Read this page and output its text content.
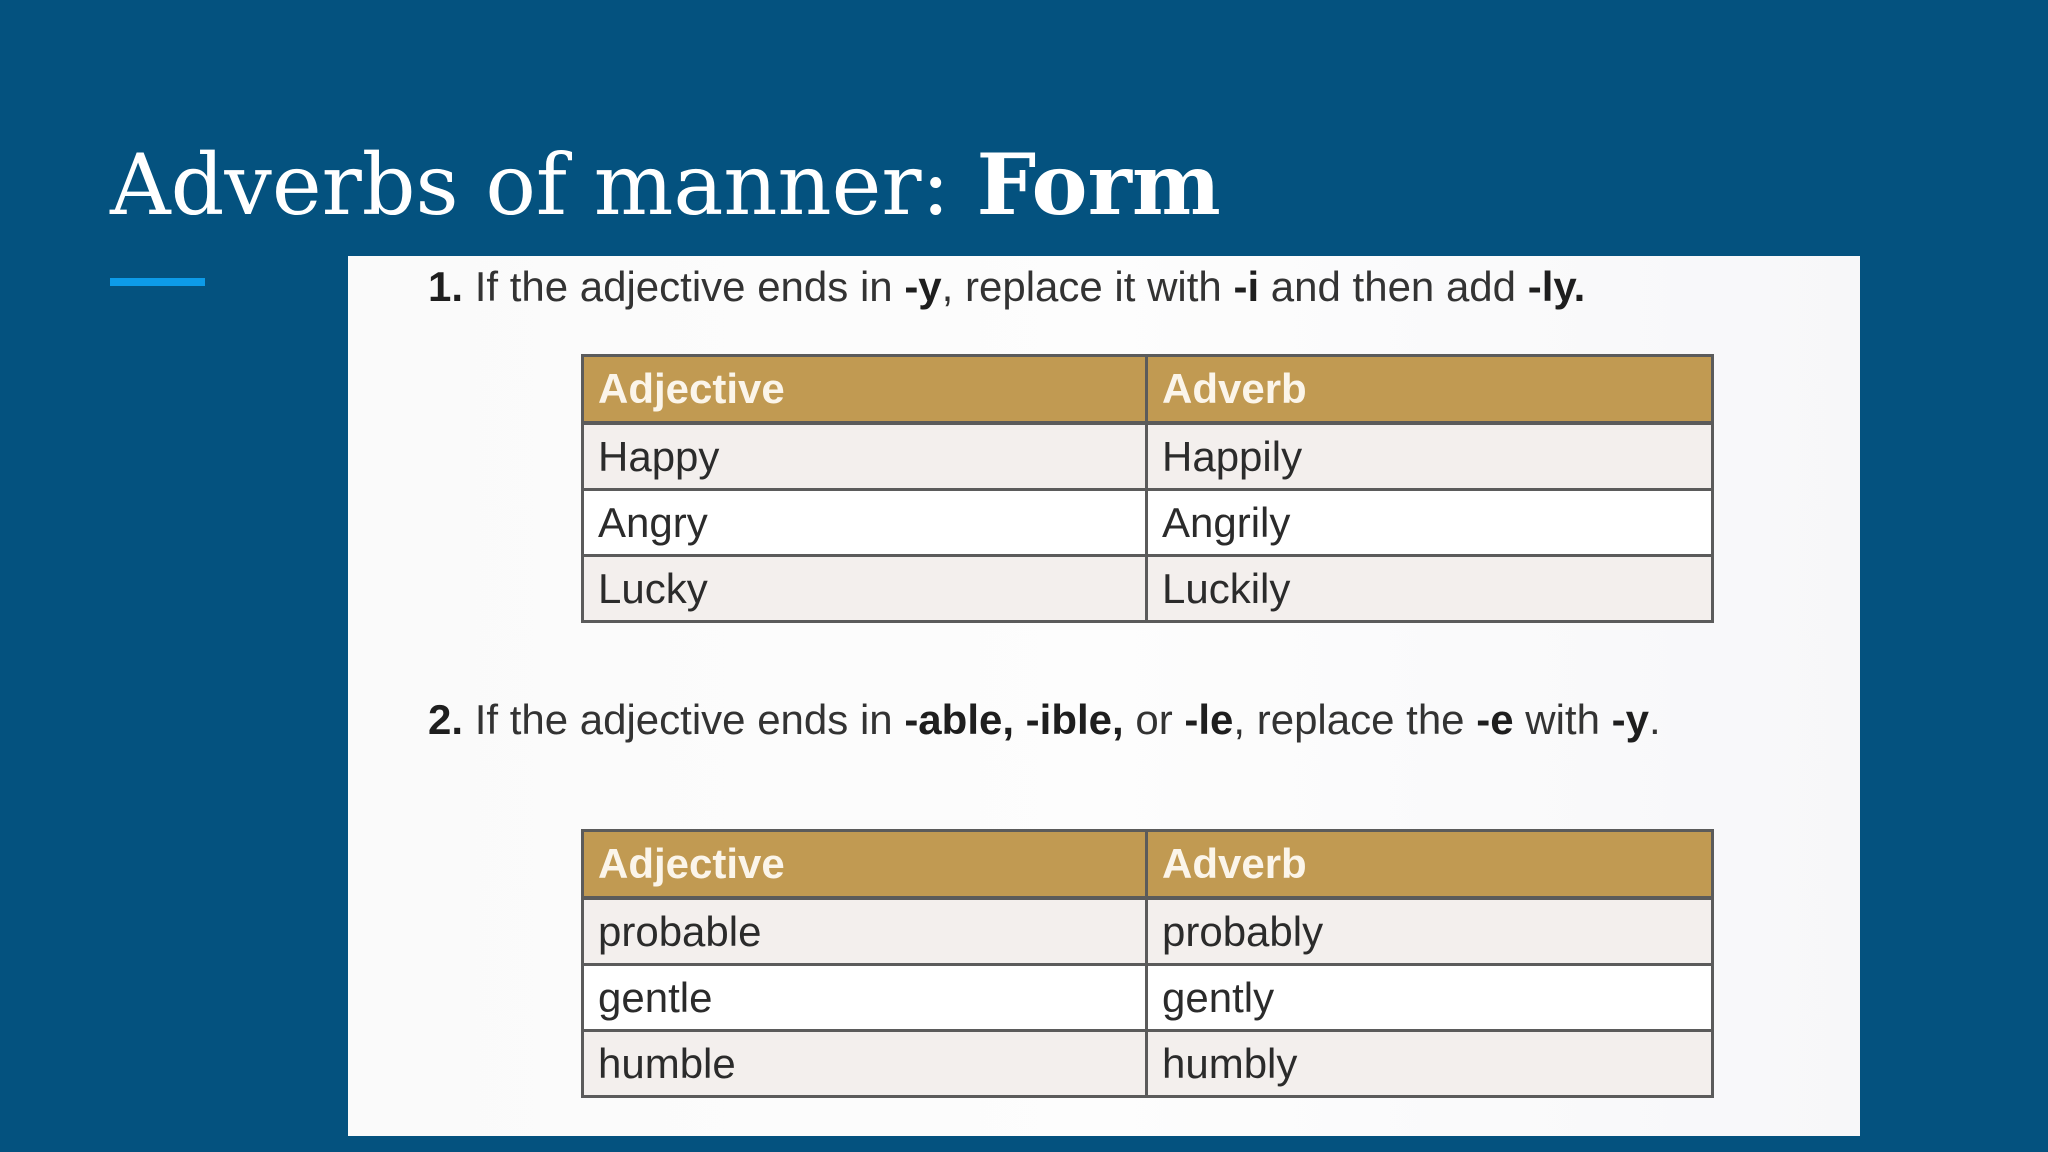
Adverbs of manner: Form

1. If the adjective ends in -y, replace it with -i and then add -ly.

Adjective	Adverb
Happy	Happily
Angry	Angrily
Lucky	Luckily

2. If the adjective ends in -able, -ible, or -le, replace the -e with -y.

Adjective	Adverb
probable	probably
gentle	gently
humble	humbly
